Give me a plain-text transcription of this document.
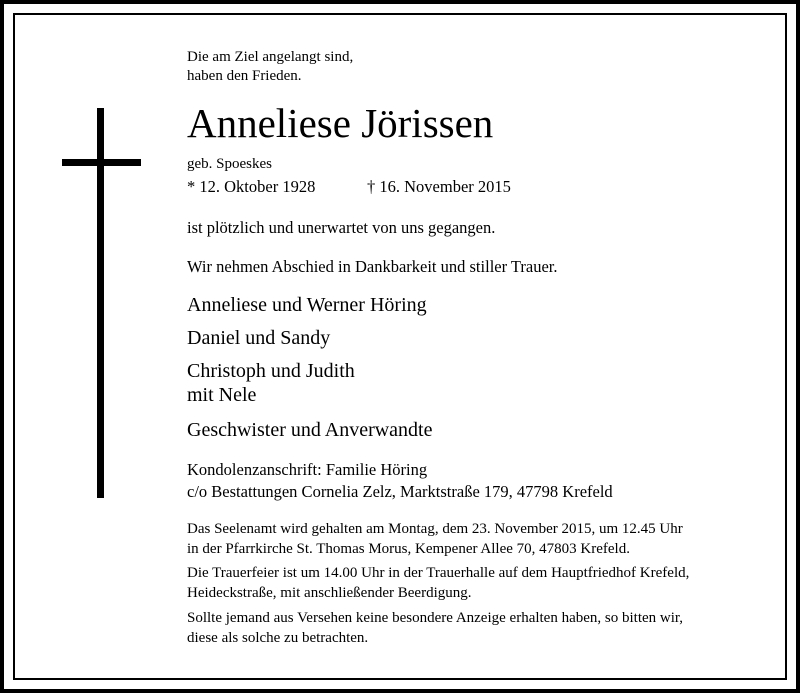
Die am Ziel angelangt sind,
haben den Frieden.
Anneliese Jörissen
geb. Spoeskes
* 12. Oktober 1928	† 16. November 2015
ist plötzlich und unerwartet von uns gegangen.
Wir nehmen Abschied in Dankbarkeit und stiller Trauer.
Anneliese und Werner Höring
Daniel und Sandy
Christoph und Judith
mit Nele
Geschwister und Anverwandte
Kondolenzanschrift: Familie Höring
c/o Bestattungen Cornelia Zelz, Marktstraße 179, 47798 Krefeld
Das Seelenamt wird gehalten am Montag, dem 23. November 2015, um 12.45 Uhr
in der Pfarrkirche St. Thomas Morus, Kempener Allee 70, 47803 Krefeld.
Die Trauerfeier ist um 14.00 Uhr in der Trauerhalle auf dem Hauptfriedhof Krefeld,
Heideckstraße, mit anschließender Beerdigung.
Sollte jemand aus Versehen keine besondere Anzeige erhalten haben, so bitten wir,
diese als solche zu betrachten.
